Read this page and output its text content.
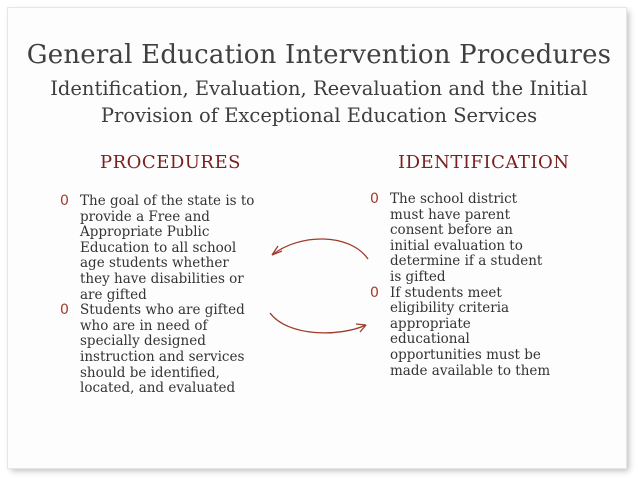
General Education Intervention Procedures
Identification, Evaluation, Reevaluation and the Initial
Provision of Exceptional Education Services
PROCEDURES	IDENTIFICATION
0 The goal of the state is to
provide a Free and
Appropriate Public
Education to all school
age students whether
they have disabilities or
are gifted
0 Students who are gifted
who are in need of
specially designed
instruction and services
should be identified,
located, and evaluated
0 The school district
must have parent
consent before an
initial evaluation to
determine if a student
is gifted
0 If students meet
eligibility criteria
appropriate
educational
opportunities must be
made available to them
